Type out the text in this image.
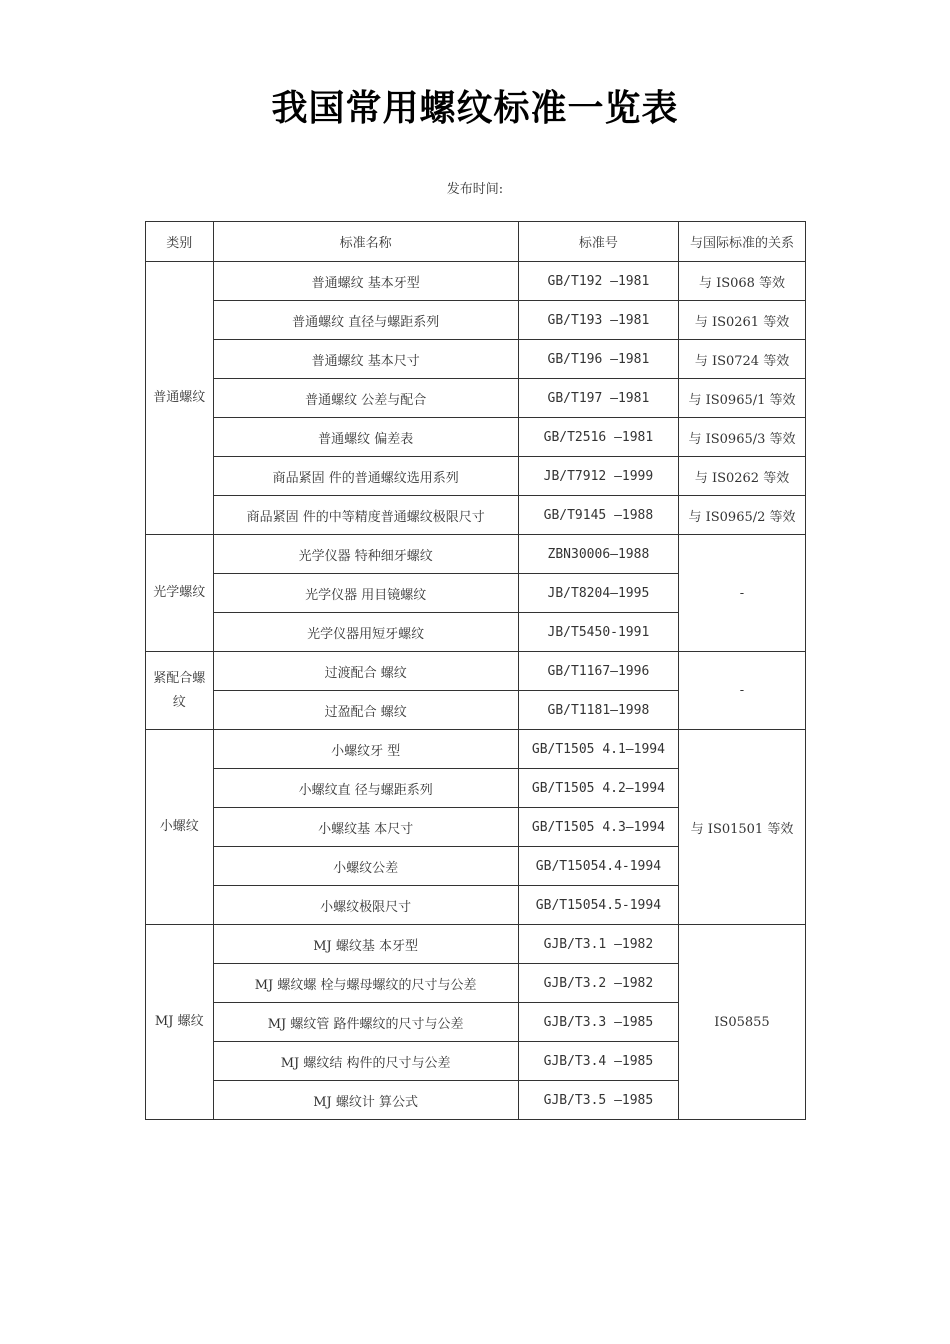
我国常用螺纹标准一览表
发布时间:
类别	标准名称	标准号	与国际标准的关系
普通螺纹	普通螺纹 基本牙型	GB/T192 —1981	与 IS068 等效
	普通螺纹 直径与螺距系列	GB/T193 —1981	与 IS0261 等效
	普通螺纹 基本尺寸	GB/T196 —1981	与 IS0724 等效
	普通螺纹 公差与配合	GB/T197 —1981	与 IS0965/1 等效
	普通螺纹 偏差表	GB/T2516 —1981	与 IS0965/3 等效
	商品紧固 件的普通螺纹选用系列	JB/T7912 —1999	与 IS0262 等效
	商品紧固 件的中等精度普通螺纹极限尺寸	GB/T9145 —1988	与 IS0965/2 等效
光学螺纹	光学仪器 特种细牙螺纹	ZBN30006—1988	-
	光学仪器 用目镜螺纹	JB/T8204—1995	
	光学仪器用短牙螺纹	JB/T5450-1991	
紧配合螺纹	过渡配合 螺纹	GB/T1167—1996	-
	过盈配合 螺纹	GB/T1181—1998	
小螺纹	小螺纹牙 型	GB/T1505 4.1—1994	与 IS01501 等效
	小螺纹直 径与螺距系列	GB/T1505 4.2—1994	
	小螺纹基 本尺寸	GB/T1505 4.3—1994	
	小螺纹公差	GB/T15054.4-1994	
	小螺纹极限尺寸	GB/T15054.5-1994	
MJ 螺纹	MJ 螺纹基 本牙型	GJB/T3.1 —1982	IS05855
	MJ 螺纹螺 栓与螺母螺纹的尺寸与公差	GJB/T3.2 —1982	
	MJ 螺纹管 路件螺纹的尺寸与公差	GJB/T3.3 —1985	
	MJ 螺纹结 构件的尺寸与公差	GJB/T3.4 —1985	
	MJ 螺纹计 算公式	GJB/T3.5 —1985	
